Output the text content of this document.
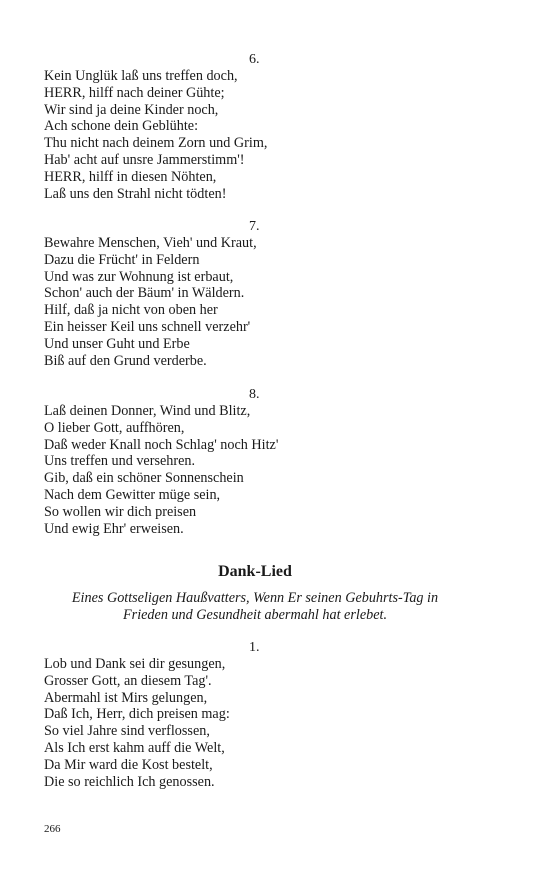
6.
Kein Unglük laß uns treffen doch,
HERR, hilff nach deiner Gühte;
Wir sind ja deine Kinder noch,
Ach schone dein Geblühte:
Thu nicht nach deinem Zorn und Grim,
Hab' acht auf unsre Jammerstimm'!
HERR, hilff in diesen Nöhten,
Laß uns den Strahl nicht tödten!
7.
Bewahre Menschen, Vieh' und Kraut,
Dazu die Frücht' in Feldern
Und was zur Wohnung ist erbaut,
Schon' auch der Bäum' in Wäldern.
Hilf, daß ja nicht von oben her
Ein heisser Keil uns schnell verzehr'
Und unser Guht und Erbe
Biß auf den Grund verderbe.
8.
Laß deinen Donner, Wind und Blitz,
O lieber Gott, auffhören,
Daß weder Knall noch Schlag' noch Hitz'
Uns treffen und versehren.
Gib, daß ein schöner Sonnenschein
Nach dem Gewitter müge sein,
So wollen wir dich preisen
Und ewig Ehr' erweisen.
Dank-Lied
Eines Gottseligen Haußvatters, Wenn Er seinen Gebuhrts-Tag in
Frieden und Gesundheit abermahl hat erlebet.
1.
Lob und Dank sei dir gesungen,
Grosser Gott, an diesem Tag'.
Abermahl ist Mirs gelungen,
Daß Ich, Herr, dich preisen mag:
So viel Jahre sind verflossen,
Als Ich erst kahm auff die Welt,
Da Mir ward die Kost bestelt,
Die so reichlich Ich genossen.
266
